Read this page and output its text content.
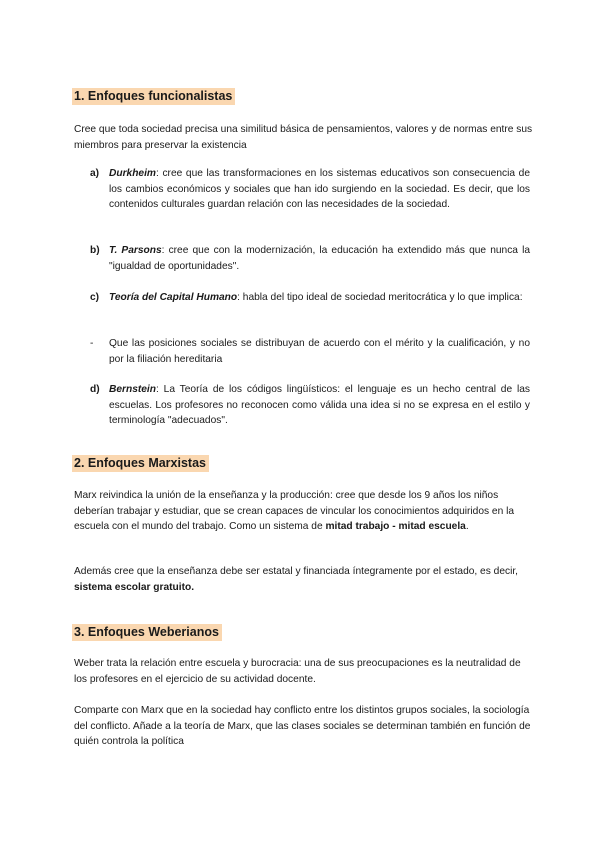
1. Enfoques funcionalistas

Cree que toda sociedad precisa una similitud básica de pensamientos, valores y de normas entre sus miembros para preservar la existencia

a) Durkheim: cree que las transformaciones en los sistemas educativos son consecuencia de los cambios económicos y sociales que han ido surgiendo en la sociedad. Es decir, que los contenidos culturales guardan relación con las necesidades de la sociedad.
b) T. Parsons: cree que con la modernización, la educación ha extendido más que nunca la "igualdad de oportunidades".
c) Teoría del Capital Humano: habla del tipo ideal de sociedad meritocrática y lo que implica:
-	Que las posiciones sociales se distribuyan de acuerdo con el mérito y la cualificación, y no por la filiación hereditaria
d) Bernstein: La Teoría de los códigos lingüísticos: el lenguaje es un hecho central de las escuelas. Los profesores no reconocen como válida una idea si no se expresa en el estilo y terminología "adecuados".
2. Enfoques Marxistas

Marx reivindica la unión de la enseñanza y la producción: cree que desde los 9 años los niños deberían trabajar y estudiar, que se crean capaces de vincular los conocimientos adquiridos en la escuela con el mundo del trabajo. Como un sistema de mitad trabajo - mitad escuela.

Además cree que la enseñanza debe ser estatal y financiada íntegramente por el estado, es decir, sistema escolar gratuito.

3. Enfoques Weberianos

Weber trata la relación entre escuela y burocracia: una de sus preocupaciones es la neutralidad de los profesores en el ejercicio de su actividad docente.

Comparte con Marx que en la sociedad hay conflicto entre los distintos grupos sociales, la sociología del conflicto. Añade a la teoría de Marx, que las clases sociales se determinan también en función de quién controla la política
